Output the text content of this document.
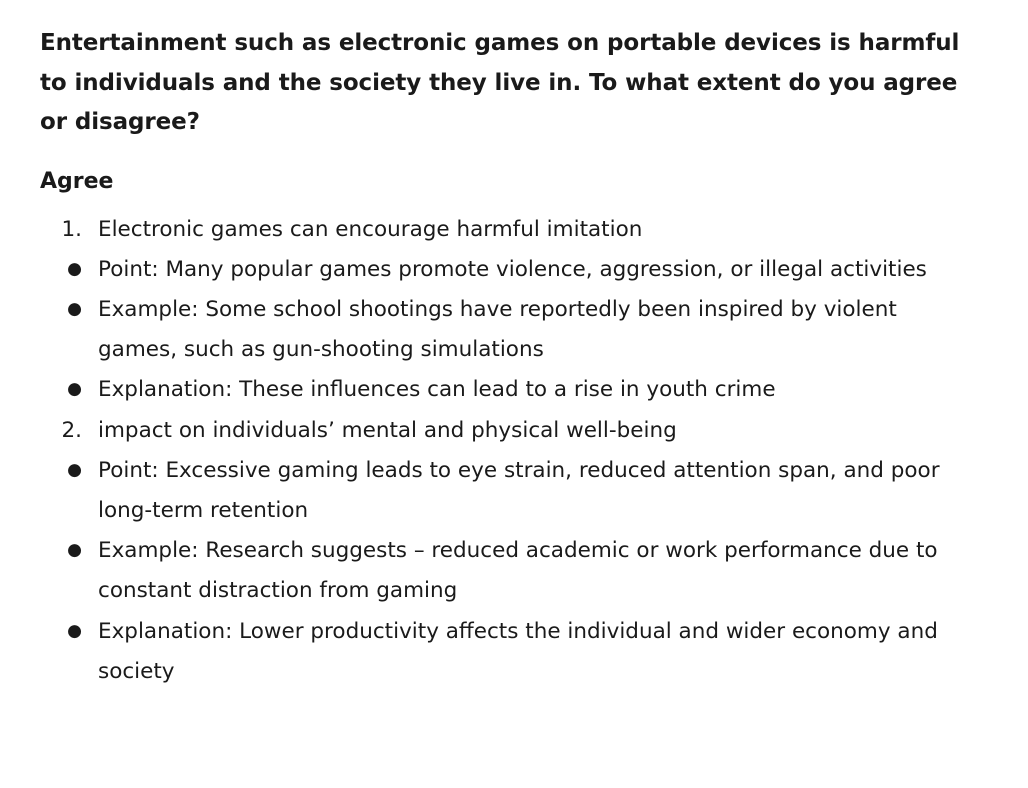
Entertainment such as electronic games on portable devices is harmful to individuals and the society they live in. To what extent do you agree or disagree?

Agree
1. Electronic games can encourage harmful imitation
● Point: Many popular games promote violence, aggression, or illegal activities
● Example: Some school shootings have reportedly been inspired by violent games, such as gun-shooting simulations
● Explanation: These influences can lead to a rise in youth crime
2. impact on individuals’ mental and physical well-being
● Point: Excessive gaming leads to eye strain, reduced attention span, and poor long-term retention
● Example: Research suggests – reduced academic or work performance due to constant distraction from gaming
● Explanation: Lower productivity affects the individual and wider economy and society
